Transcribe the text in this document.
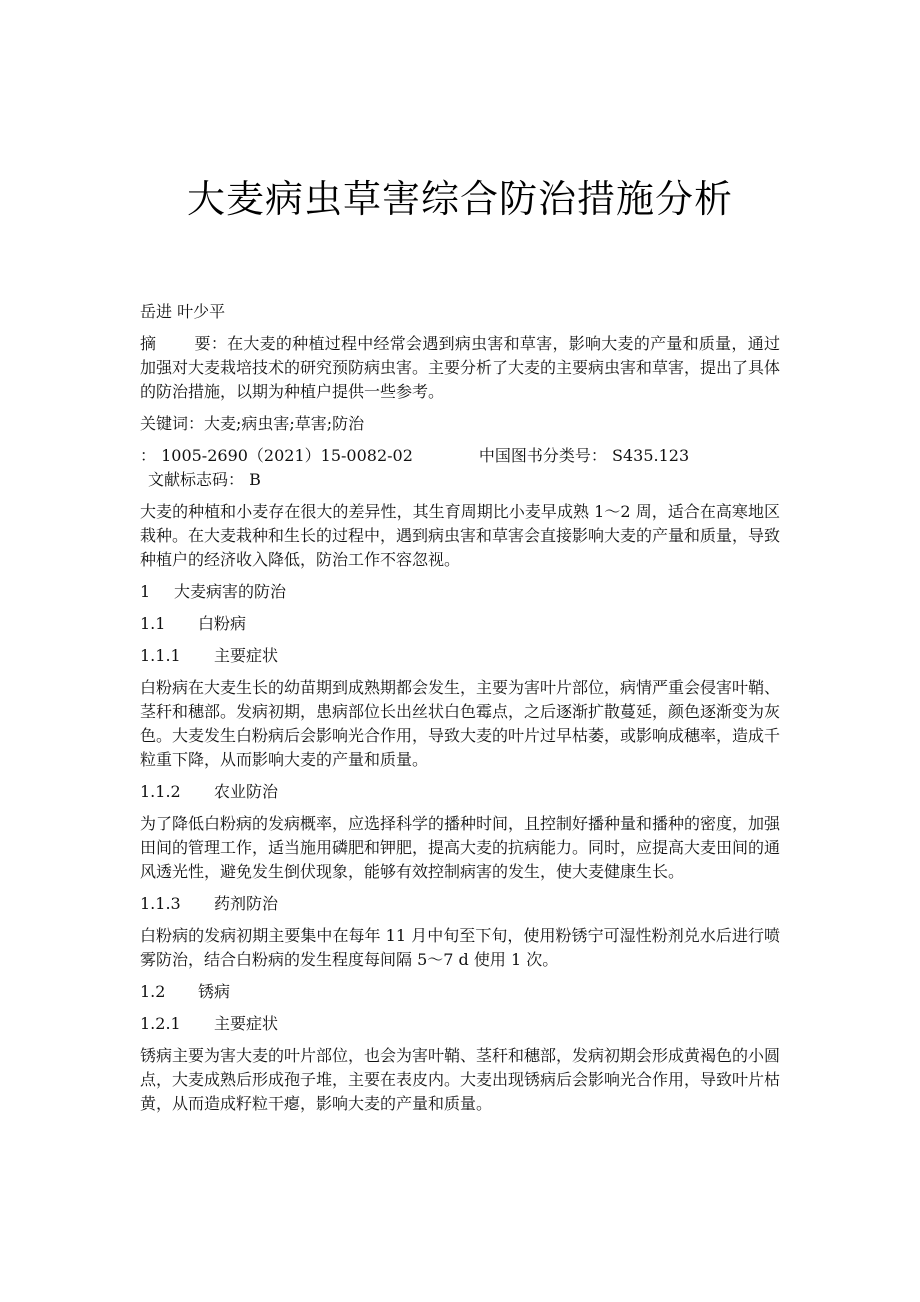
大麦病虫草害综合防治措施分析

岳进 叶少平

摘 要：在大麦的种植过程中经常会遇到病虫害和草害，影响大麦的产量和质量，通过加强对大麦栽培技术的研究预防病虫害。主要分析了大麦的主要病虫害和草害，提出了具体的防治措施，以期为种植户提供一些参考。

关键词：大麦;病虫害;草害;防治

： 1005-2690（2021）15-0082-02	中国图书分类号： S435.123

文献标志码： B

大麦的种植和小麦存在很大的差异性，其生育周期比小麦早成熟 1～2 周，适合在高寒地区栽种。在大麦栽种和生长的过程中，遇到病虫害和草害会直接影响大麦的产量和质量，导致种植户的经济收入降低，防治工作不容忽视。

1 大麦病害的防治

1.1 白粉病

1.1.1 主要症状

白粉病在大麦生长的幼苗期到成熟期都会发生，主要为害叶片部位，病情严重会侵害叶鞘、茎秆和穗部。发病初期，患病部位长出丝状白色霉点，之后逐渐扩散蔓延，颜色逐渐变为灰色。大麦发生白粉病后会影响光合作用，导致大麦的叶片过早枯萎，或影响成穗率，造成千粒重下降，从而影响大麦的产量和质量。

1.1.2 农业防治

为了降低白粉病的发病概率，应选择科学的播种时间，且控制好播种量和播种的密度，加强田间的管理工作，适当施用磷肥和钾肥，提高大麦的抗病能力。同时，应提高大麦田间的通风透光性，避免发生倒伏现象，能够有效控制病害的发生，使大麦健康生长。

1.1.3 药剂防治

白粉病的发病初期主要集中在每年 11 月中旬至下旬，使用粉锈宁可湿性粉剂兑水后进行喷雾防治，结合白粉病的发生程度每间隔 5～7 d 使用 1 次。

1.2 锈病

1.2.1 主要症状

锈病主要为害大麦的叶片部位，也会为害叶鞘、茎秆和穗部，发病初期会形成黄褐色的小圆点，大麦成熟后形成孢子堆，主要在表皮内。大麦出现锈病后会影响光合作用，导致叶片枯黄，从而造成籽粒干瘪，影响大麦的产量和质量。
